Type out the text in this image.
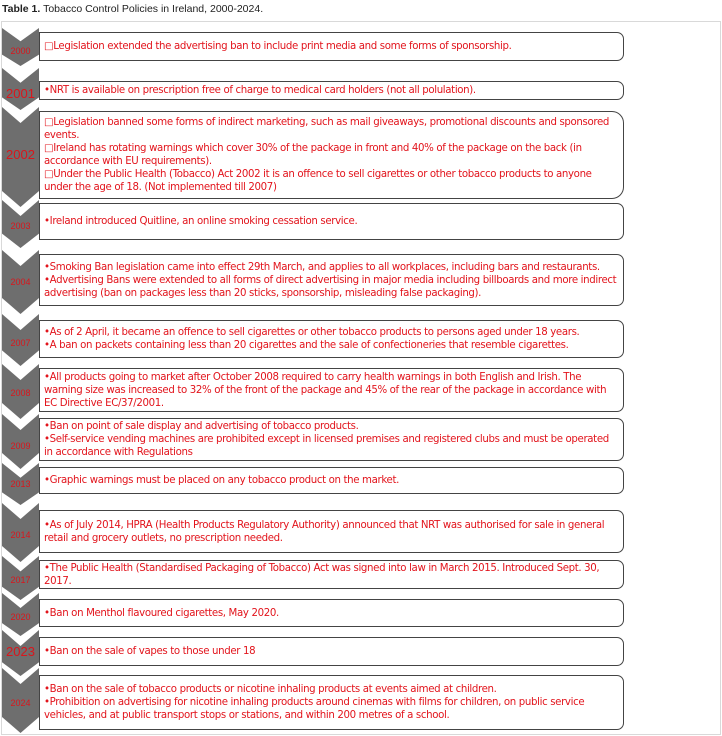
Table 1. Tobacco Control Policies in Ireland, 2000-2024.
2000	□Legislation extended the advertising ban to include print media and some forms of sponsorship.
2001 •NRT is available on prescription free of charge to medical card holders (not all polulation).
2002
□Legislation banned some forms of indirect marketing, such as mail giveaways, promotional discounts and sponsored events.
□Ireland has rotating warnings which cover 30% of the package in front and 40% of the package on the back (in accordance with EU requirements).
□Under the Public Health (Tobacco) Act 2002 it is an offence to sell cigarettes or other tobacco products to anyone under the age of 18. (Not implemented till 2007)
2003	•Ireland introduced Quitline, an online smoking cessation service.
2004
•Smoking Ban legislation came into effect 29th March, and applies to all workplaces, including bars and restaurants.
•Advertising Bans were extended to all forms of direct advertising in major media including billboards and more indirect advertising (ban on packages less than 20 sticks, sponsorship, misleading false packaging).
2007
•As of 2 April, it became an offence to sell cigarettes or other tobacco products to persons aged under 18 years.
•A ban on packets containing less than 20 cigarettes and the sale of confectioneries that resemble cigarettes.
2008
•All products going to market after October 2008 required to carry health warnings in both English and Irish. The warning size was increased to 32% of the front of the package and 45% of the rear of the package in accordance with EC Directive EC/37/2001.
2009
•Ban on point of sale display and advertising of tobacco products.
•Self-service vending machines are prohibited except in licensed premises and registered clubs and must be operated in accordance with Regulations
2013	•Graphic warnings must be placed on any tobacco product on the market.
2014
•As of July 2014, HPRA (Health Products Regulatory Authority) announced that NRT was authorised for sale in general retail and grocery outlets, no prescription needed.
2017
•The Public Health (Standardised Packaging of Tobacco) Act was signed into law in March 2015. Introduced Sept. 30, 2017.
2020	•Ban on Menthol flavoured cigarettes, May 2020.
2023 •Ban on the sale of vapes to those under 18
2024
•Ban on the sale of tobacco products or nicotine inhaling products at events aimed at children.
•Prohibition on advertising for nicotine inhaling products around cinemas with films for children, on public service vehicles, and at public transport stops or stations, and within 200 metres of a school.
